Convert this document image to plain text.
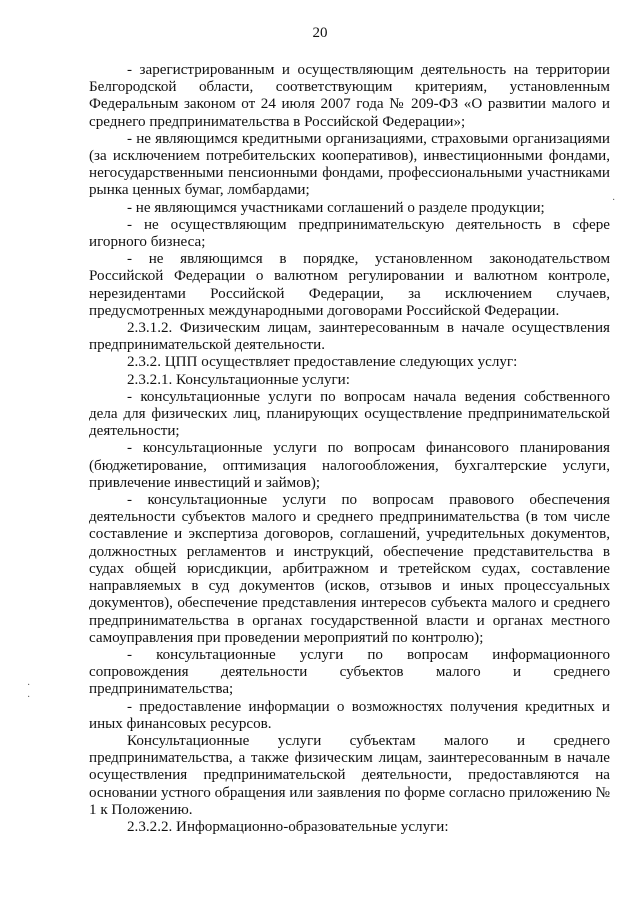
20

- зарегистрированным и осуществляющим деятельность на территории Белгородской области, соответствующим критериям, установленным Федеральным законом от 24 июля 2007 года № 209-ФЗ «О развитии малого и среднего предпринимательства в Российской Федерации»;

- не являющимся кредитными организациями, страховыми организациями (за исключением потребительских кооперативов), инвестиционными фондами, негосударственными пенсионными фондами, профессиональными участниками рынка ценных бумаг, ломбардами;

- не являющимся участниками соглашений о разделе продукции;

- не осуществляющим предпринимательскую деятельность в сфере игорного бизнеса;

- не являющимся в порядке, установленном законодательством Российской Федерации о валютном регулировании и валютном контроле, нерезидентами Российской Федерации, за исключением случаев, предусмотренных международными договорами Российской Федерации.

2.3.1.2. Физическим лицам, заинтересованным в начале осуществления предпринимательской деятельности.

2.3.2. ЦПП осуществляет предоставление следующих услуг:

2.3.2.1. Консультационные услуги:

- консультационные услуги по вопросам начала ведения собственного дела для физических лиц, планирующих осуществление предпринимательской деятельности;

- консультационные услуги по вопросам финансового планирования (бюджетирование, оптимизация налогообложения, бухгалтерские услуги, привлечение инвестиций и займов);

- консультационные услуги по вопросам правового обеспечения деятельности субъектов малого и среднего предпринимательства (в том числе составление и экспертиза договоров, соглашений, учредительных документов, должностных регламентов и инструкций, обеспечение представительства в судах общей юрисдикции, арбитражном и третейском судах, составление направляемых в суд документов (исков, отзывов и иных процессуальных документов), обеспечение представления интересов субъекта малого и среднего предпринимательства в органах государственной власти и органах местного самоуправления при проведении мероприятий по контролю);

- консультационные услуги по вопросам информационного сопровождения деятельности субъектов малого и среднего предпринимательства;

- предоставление информации о возможностях получения кредитных и иных финансовых ресурсов.

Консультационные услуги субъектам малого и среднего предпринимательства, а также физическим лицам, заинтересованным в начале осуществления предпринимательской деятельности, предоставляются на основании устного обращения или заявления по форме согласно приложению № 1 к Положению.

2.3.2.2. Информационно-образовательные услуги:

·
·
·
